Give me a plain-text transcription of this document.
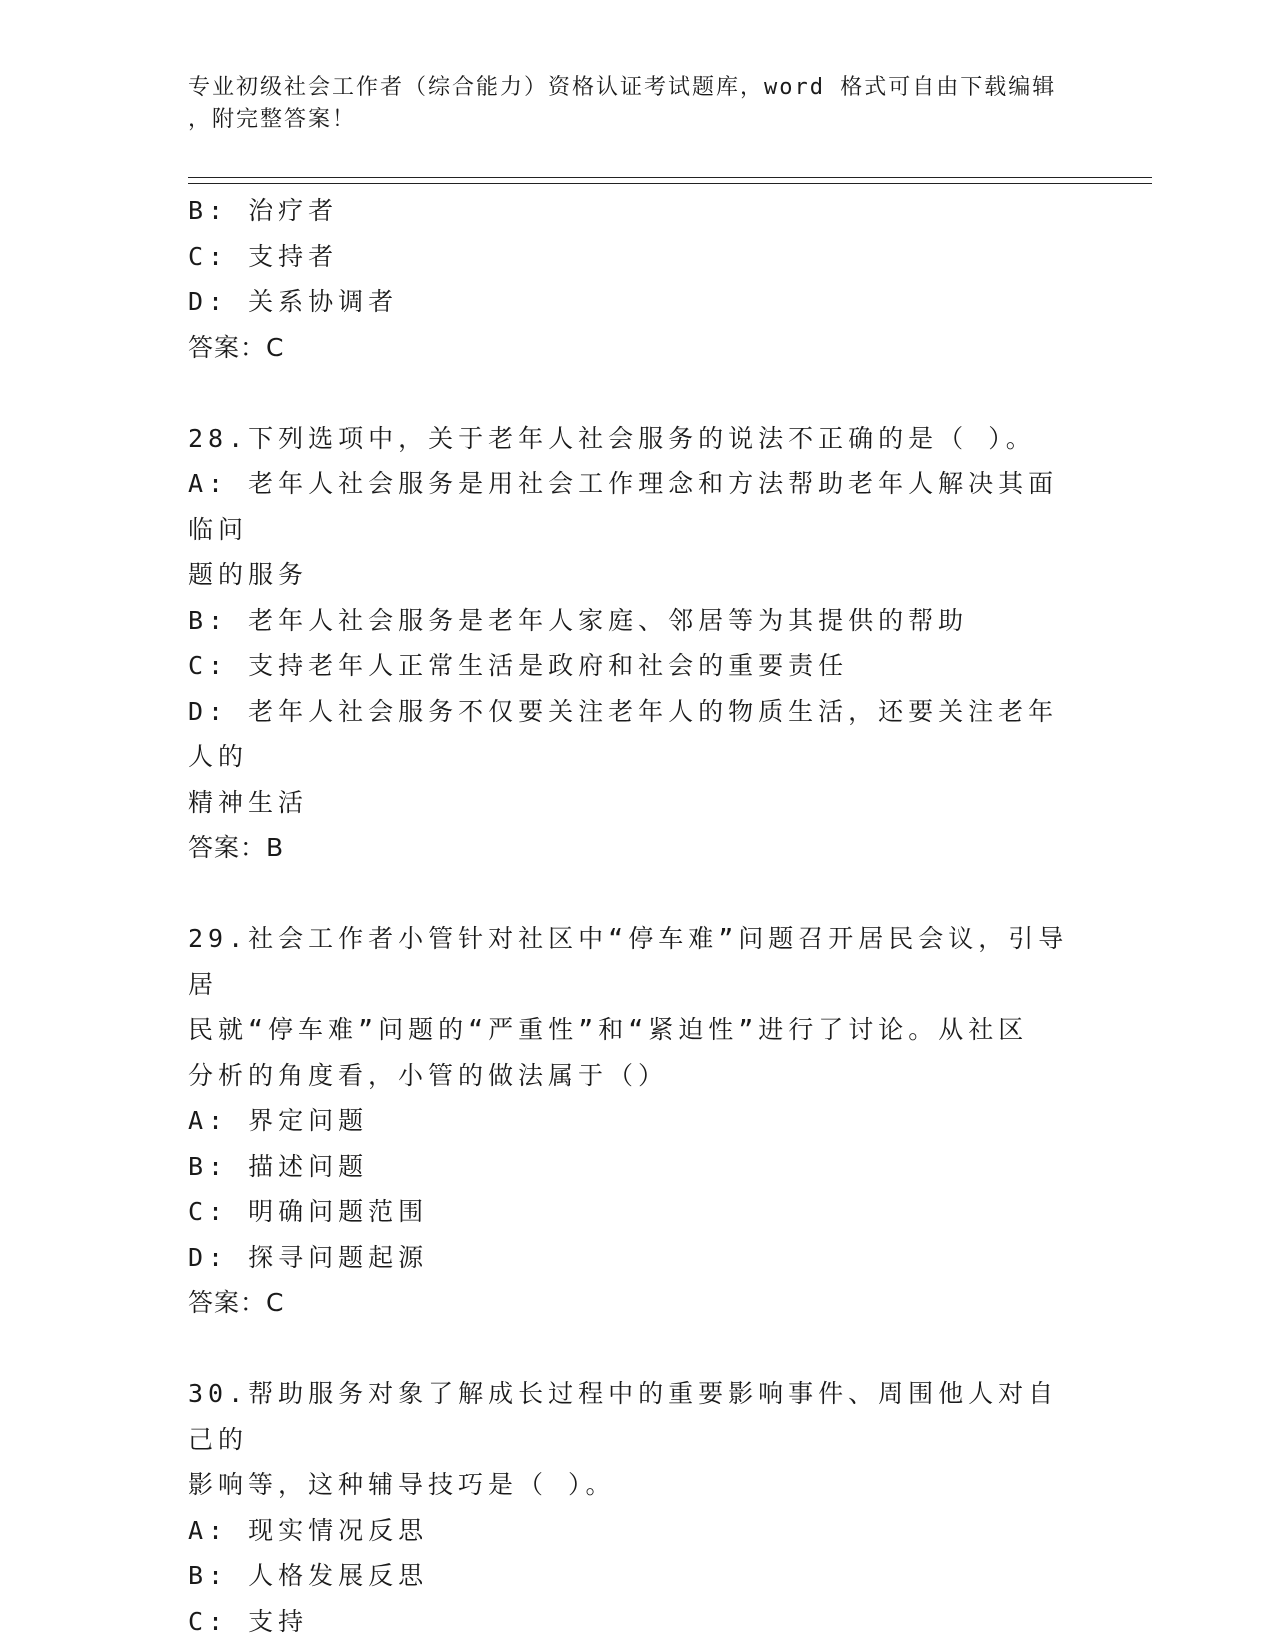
专业初级社会工作者（综合能力）资格认证考试题库，word 格式可自由下载编辑
，附完整答案！

B: 治疗者

C: 支持者

D: 关系协调者

答案：C

28.下列选项中，关于老年人社会服务的说法不正确的是（ ）。

A: 老年人社会服务是用社会工作理念和方法帮助老年人解决其面临问

题的服务

B: 老年人社会服务是老年人家庭、邻居等为其提供的帮助

C: 支持老年人正常生活是政府和社会的重要责任

D: 老年人社会服务不仅要关注老年人的物质生活，还要关注老年人的

精神生活

答案：B

29.社会工作者小管针对社区中“停车难”问题召开居民会议，引导居

民就“停车难”问题的“严重性”和“紧迫性”进行了讨论。从社区

分析的角度看，小管的做法属于（）

A: 界定问题

B: 描述问题

C: 明确问题范围

D: 探寻问题起源

答案：C

30.帮助服务对象了解成长过程中的重要影响事件、周围他人对自己的

影响等，这种辅导技巧是（ ）。

A: 现实情况反思

B: 人格发展反思

C: 支持
